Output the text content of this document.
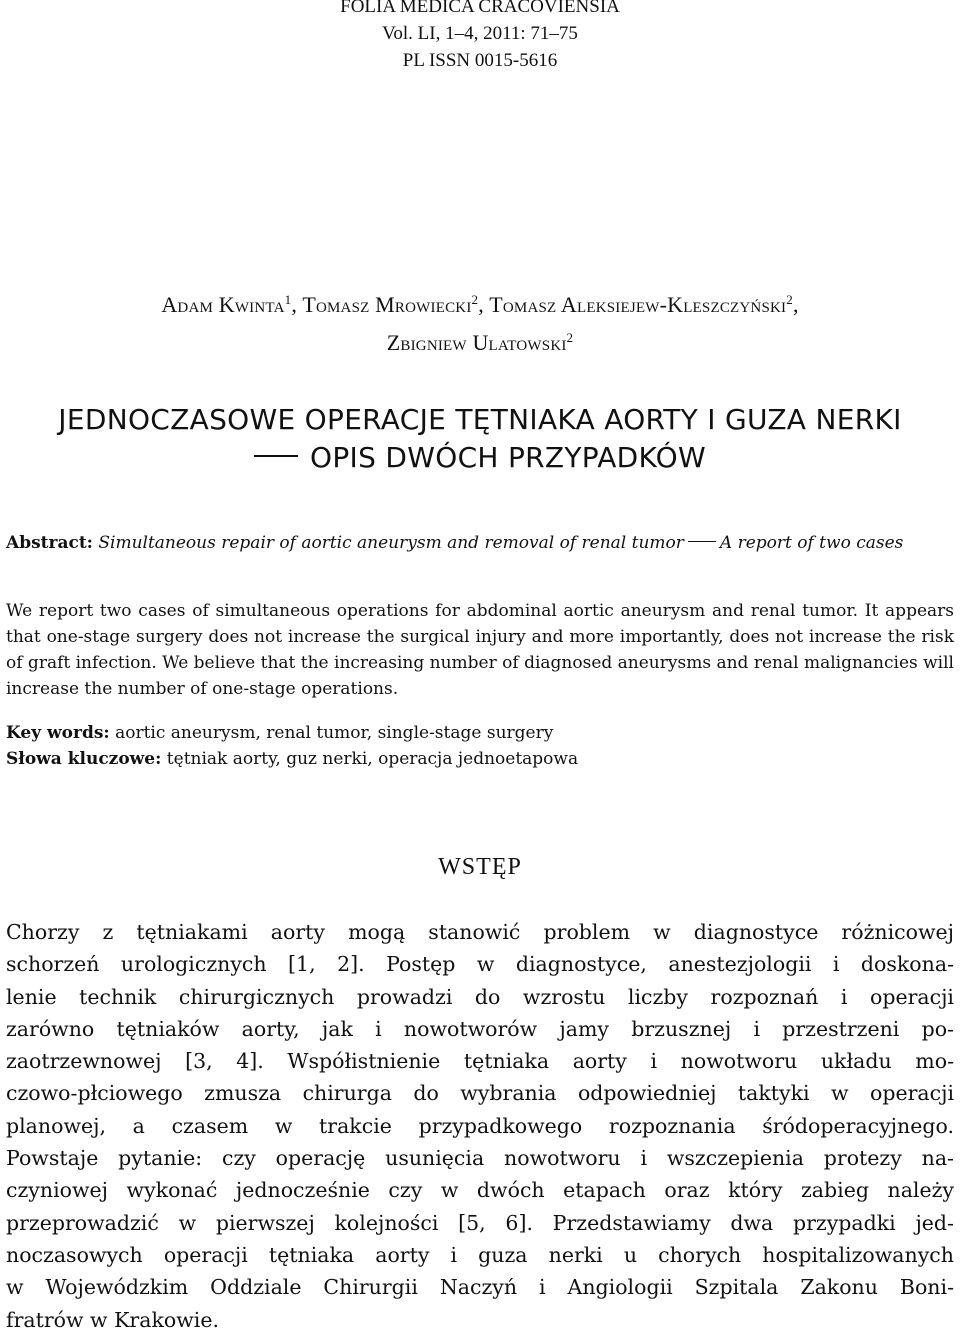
FOLIA MEDICA CRACOVIENSIA
Vol. LI, 1–4, 2011: 71–75
PL ISSN 0015-5616
Adam Kwinta$^1$, Tomasz Mrowiecki$^2$, Tomasz Aleksiejew-Kleszczyński$^2$,
Zbigniew Ulatowski$^2$
JEDNOCZASOWE OPERACJE TĘTNIAKA AORTY I GUZA NERKI
OPIS DWÓCH PRZYPADKÓW
Abstract: Simultaneous repair of aortic aneurysm and removal of renal tumor A report of two cases
We report two cases of simultaneous operations for abdominal aortic aneurysm and renal tumor. It appears that one-stage surgery does not increase the surgical injury and more importantly, does not increase the risk of graft infection. We believe that the increasing number of diagnosed aneurysms and renal malignancies will increase the number of one-stage operations.
Key words: aortic aneurysm, renal tumor, single-stage surgery
Słowa kluczowe: tętniak aorty, guz nerki, operacja jednoetapowa
WSTĘP
Chorzy z tętniakami aorty mogą stanowić problem w diagnostyce różnicowej
schorzeń urologicznych [1, 2]. Postęp w diagnostyce, anestezjologii i doskona-
lenie technik chirurgicznych prowadzi do wzrostu liczby rozpoznań i operacji
zarówno tętniaków aorty, jak i nowotworów jamy brzusznej i przestrzeni po-
zaotrzewnowej [3, 4]. Współistnienie tętniaka aorty i nowotworu układu mo-
czowo-płciowego zmusza chirurga do wybrania odpowiedniej taktyki w operacji
planowej, a czasem w trakcie przypadkowego rozpoznania śródoperacyjnego.
Powstaje pytanie: czy operację usunięcia nowotworu i wszczepienia protezy na-
czyniowej wykonać jednocześnie czy w dwóch etapach oraz który zabieg należy
przeprowadzić w pierwszej kolejności [5, 6]. Przedstawiamy dwa przypadki jed-
noczasowych operacji tętniaka aorty i guza nerki u chorych hospitalizowanych
w Wojewódzkim Oddziale Chirurgii Naczyń i Angiologii Szpitala Zakonu Boni-
fratrów w Krakowie.
